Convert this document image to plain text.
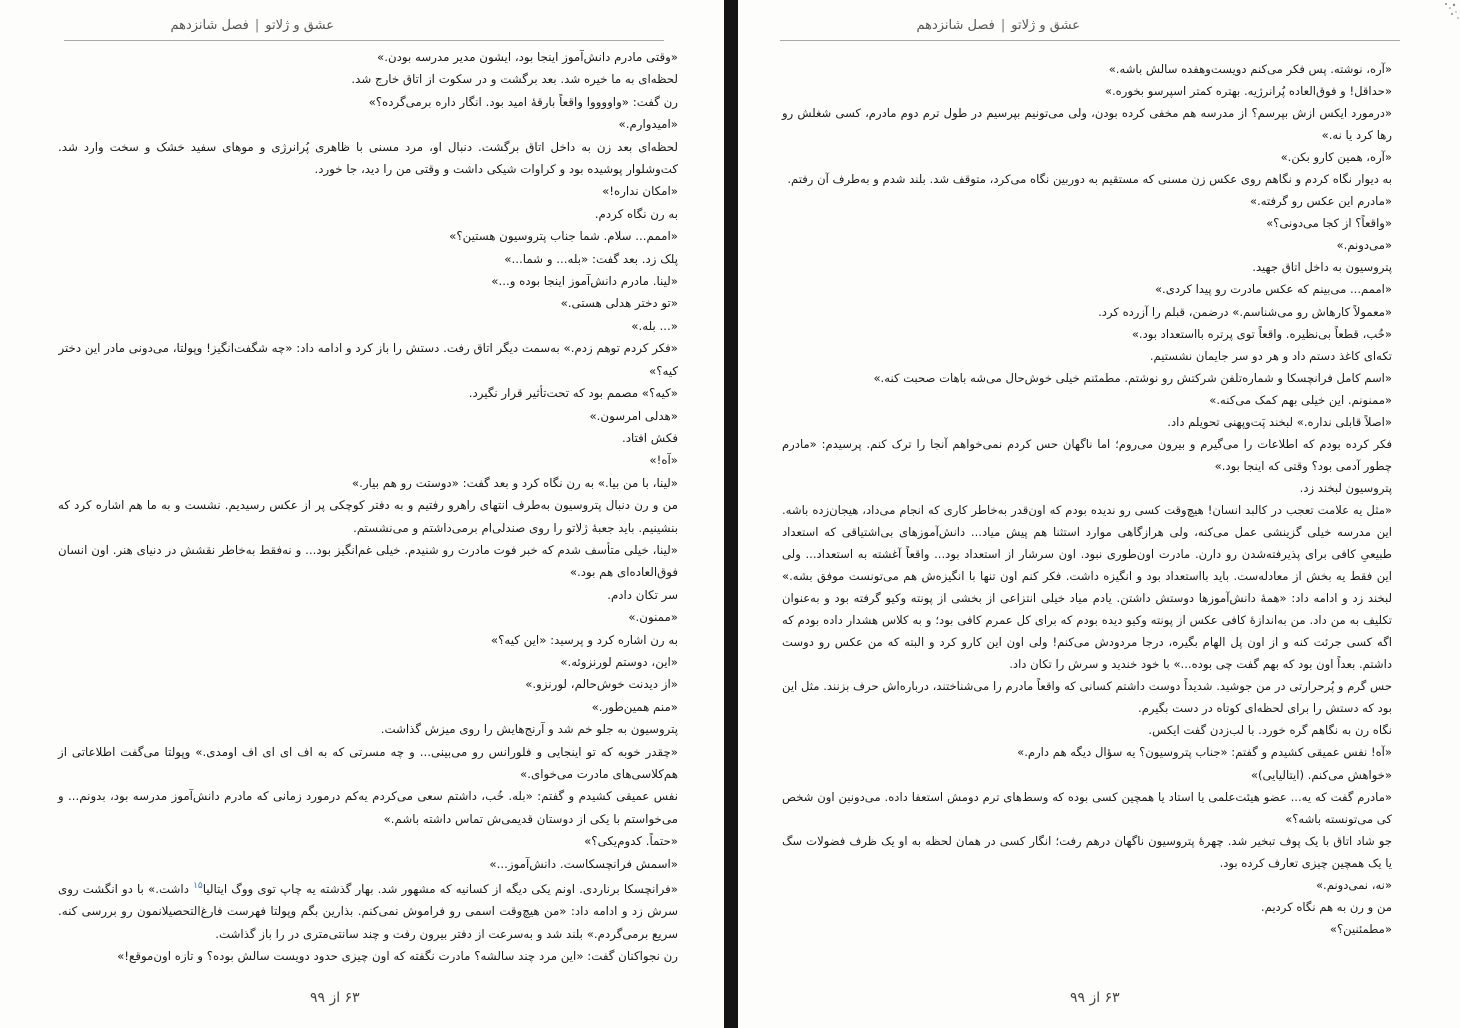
عشق و ژلاتو|فصل شانزدهم

«وقتی مادرم دانش‌آموز اینجا بود، ایشون مدیر مدرسه بودن.»

لحظه‌ای به ما خیره شد. بعد برگشت و در سکوت از اتاق خارج شد.

رن گفت: «واووووا واقعاً بارقهٔ امید بود. انگار داره برمی‌گرده؟»

«امیدوارم.»

لحظه‌ای بعد زن به داخل اتاق برگشت. دنبال او، مرد مسنی با ظاهری پُرانرژی و موهای سفید خشک و سخت وارد شد. کت‌وشلوار پوشیده بود و کراوات شیکی داشت و وقتی من را دید، جا خورد.

«امکان نداره!»

به رن نگاه کردم.

«اممم... سلام. شما جناب پتروسیون هستین؟»

پلک زد. بعد گفت: «بله... و شما...»

«لینا. مادرم دانش‌آموز اینجا بوده و...»

«تو دختر هدلی هستی.»

«... بله.»

«فکر کردم توهم زدم.» به‌سمت دیگر اتاق رفت. دستش را باز کرد و ادامه داد: «چه شگفت‌انگیز! وپولتا، می‌دونی مادر این دختر کیه؟»

«کیه؟» مصمم بود که تحت‌تأثیر قرار نگیرد.

«هدلی امرسون.»

فکش افتاد.

«آه!»

«لینا، با من بیا.» به رن نگاه کرد و بعد گفت: «دوستت رو هم بیار.»

من و رن دنبال پتروسیون به‌طرف انتهای راهرو رفتیم و به دفتر کوچکی پر از عکس رسیدیم. نشست و به ما هم اشاره کرد که بنشینیم. باید جعبهٔ ژلاتو را روی صندلی‌ام برمی‌داشتم و می‌نشستم.

«لینا، خیلی متأسف شدم که خبر فوت مادرت رو شنیدم. خیلی غم‌انگیز بود... و نه‌فقط به‌خاطر نقشش در دنیای هنر. اون انسان فوق‌العاده‌ای هم بود.»

سر تکان دادم.

«ممنون.»

به رن اشاره کرد و پرسید: «این کیه؟»

«این، دوستم لورنزوئه.»

«از دیدنت خوش‌حالم، لورنزو.»

«منم همین‌طور.»

پتروسیون به جلو خم شد و آرنج‌هایش را روی میزش گذاشت.

«چقدر خوبه که تو اینجایی و فلورانس رو می‌بینی... و چه مسرتی که به اف ای ای اف اومدی.» وپولتا می‌گفت اطلاعاتی از هم‌کلاسی‌های مادرت می‌خوای.»

نفس عمیقی کشیدم و گفتم: «بله. خُب، داشتم سعی می‌کردم یه‌کم درمورد زمانی که مادرم دانش‌آموز مدرسه بود، بدونم... و می‌خواستم با یکی از دوستان قدیمی‌ش تماس داشته باشم.»

«حتماً. کدوم‌یکی؟»

«اسمش فرانچسکاست. دانش‌آموز...»

«فرانچسکا برناردی. اونم یکی دیگه از کسانیه که مشهور شد. بهار گذشته یه چاپ توی ووگ ایتالیا$^{۱۵}$ داشت.» با دو انگشت روی سرش زد و ادامه داد: «من هیچ‌وقت اسمی رو فراموش نمی‌کنم. بذارین بگم وپولتا فهرست فارغ‌التحصیلانمون رو بررسی کنه. سریع برمی‌گردم.» بلند شد و به‌سرعت از دفتر بیرون رفت و چند سانتی‌متری در را باز گذاشت.

رن نجواکنان گفت: «این مرد چند سالشه؟ مادرت نگفته که اون چیزی حدود دویست سالش بوده؟ و تازه اون‌موقع!»

۶۳ از ۹۹
عشق و ژلاتو|فصل شانزدهم

«آره، نوشته. پس فکر می‌کنم دویست‌وهفده سالش باشه.»

«حداقل! و فوق‌العاده پُرانرژیه. بهتره کمتر اسپرسو بخوره.»

«درمورد ایکس ازش بپرسم؟ از مدرسه هم مخفی کرده بودن، ولی می‌تونیم بپرسیم در طول ترم دوم مادرم، کسی شغلش رو رها کرد یا نه.»

«آره، همین کارو بکن.»

به دیوار نگاه کردم و نگاهم روی عکس زن مسنی که مستقیم به دوربین نگاه می‌کرد، متوقف شد. بلند شدم و به‌طرف آن رفتم.

«مادرم این عکس رو گرفته.»

«واقعاً؟ از کجا می‌دونی؟»

«می‌دونم.»

پتروسیون به داخل اتاق جهید.

«اممم... می‌بینم که عکس مادرت رو پیدا کردی.»

«معمولاً کارهاش رو می‌شناسم.» درضمن، قبلم را آزرده کرد.

«خُب، قطعاً بی‌نظیره. واقعاً توی پرتره بااستعداد بود.»

تکه‌ای کاغذ دستم داد و هر دو سر جایمان نشستیم.

«اسم کامل فرانچسکا و شماره‌تلفن شرکتش رو نوشتم. مطمئنم خیلی خوش‌حال می‌شه باهات صحبت کنه.»

«ممنونم. این خیلی بهم کمک می‌کنه.»

«اصلاً قابلی نداره.» لبخند پَت‌وپهنی تحویلم داد.

فکر کرده بودم که اطلاعات را می‌گیرم و بیرون می‌روم؛ اما ناگهان حس کردم نمی‌خواهم آنجا را ترک کنم. پرسیدم: «مادرم چطور آدمی بود؟ وقتی که اینجا بود.»

پتروسیون لبخند زد.

«مثل یه علامت تعجب در کالبد انسان! هیچ‌وقت کسی رو ندیده بودم که اون‌قدر به‌خاطر کاری که انجام می‌داد، هیجان‌زده باشه. این مدرسه خیلی گزینشی عمل می‌کنه، ولی هرازگاهی موارد استثنا هم پیش میاد... دانش‌آموزهای بی‌اشتیاقی که استعداد طبیعیِ کافی برای پذیرفته‌شدن رو دارن. مادرت اون‌طوری نبود. اون سرشار از استعداد بود... واقعاً آغشته به استعداد... ولی این فقط یه بخش از معادله‌ست. باید بااستعداد بود و انگیزه داشت. فکر کنم اون تنها با انگیزه‌ش هم می‌تونست موفق بشه.» لبخند زد و ادامه داد: «همهٔ دانش‌آموزها دوستش داشتن. یادم میاد خیلی انتزاعی از بخشی از پونته وکیو گرفته بود و به‌عنوان تکلیف به من داد. من به‌اندازهٔ کافی عکس از پونته وکیو دیده بودم که برای کل عمرم کافی بود؛ و به کلاس هشدار داده بودم که اگه کسی جرئت کنه و از اون پل الهام بگیره، درجا مردودش می‌کنم! ولی اون این کارو کرد و البته که من عکس رو دوست داشتم. بعداً اون بود که بهم گفت چی بوده...» با خود خندید و سرش را تکان داد.

حس گرم و پُرحرارتی در من جوشید. شدیداً دوست داشتم کسانی که واقعاً مادرم را می‌شناختند، درباره‌اش حرف بزنند. مثل این بود که دستش را برای لحظه‌ای کوتاه در دست بگیرم.

نگاه رن به نگاهم گره خورد. با لب‌زدن گفت ایکس.

«آه! نفس عمیقی کشیدم و گفتم: «جناب پتروسیون؟ یه سؤال دیگه هم دارم.»

«خواهش می‌کنم. (ایتالیایی)»

«مادرم گفت که یه... عضو هیئت‌علمی یا استاد یا همچین کسی بوده که وسط‌های ترم دومش استعفا داده. می‌دونین اون شخص کی می‌تونسته باشه؟»

جو شاد اتاق با یک پوف تبخیر شد. چهرهٔ پتروسیون ناگهان درهم رفت؛ انگار کسی در همان لحظه به او یک ظرف فضولات سگ یا یک همچین چیزی تعارف کرده بود.

«نه، نمی‌دونم.»

من و رن به هم نگاه کردیم.

«مطمئنین؟»

۶۳ از ۹۹
